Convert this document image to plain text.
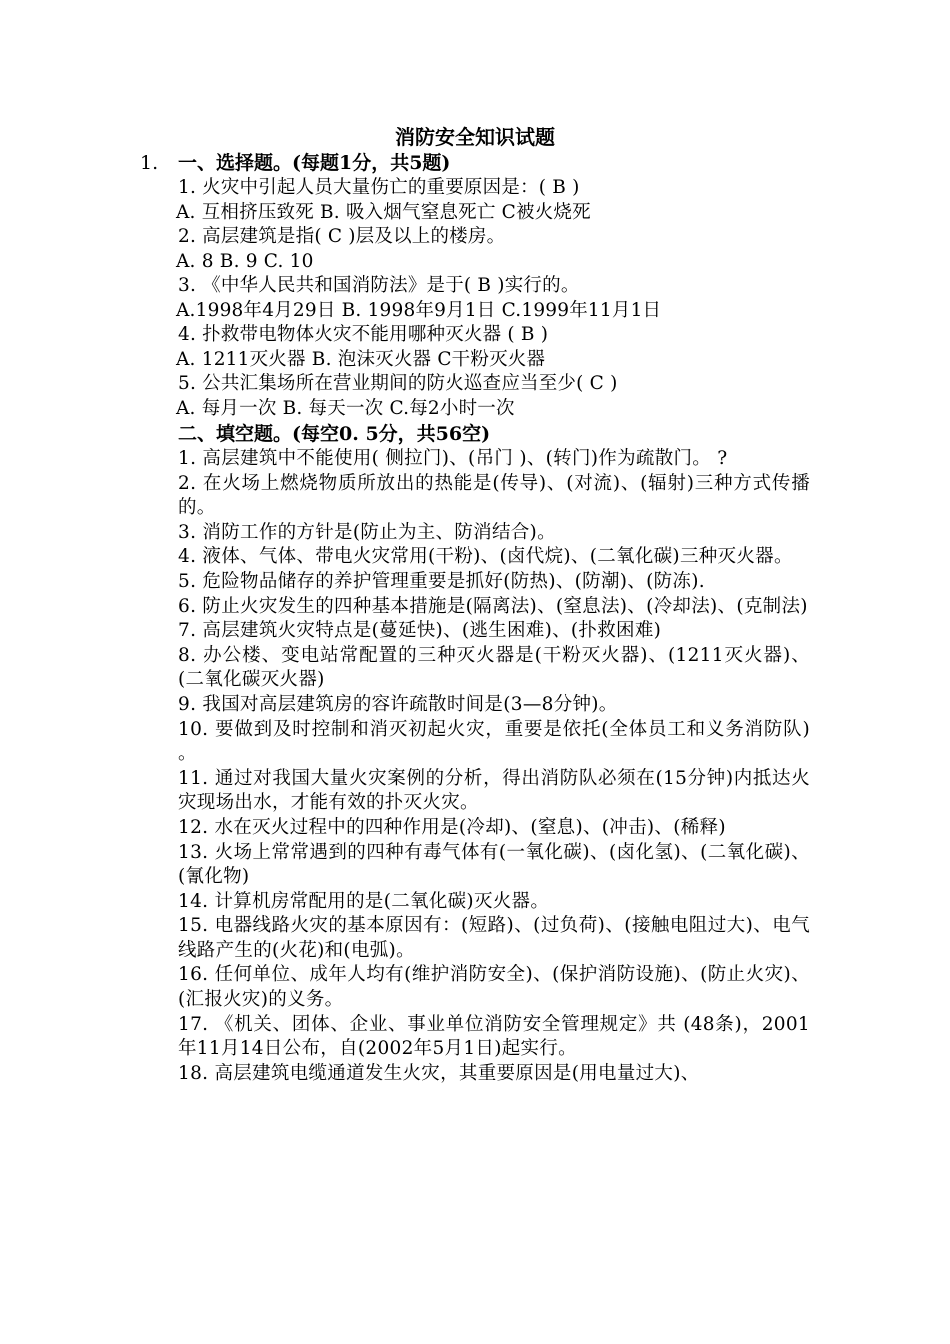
消防安全知识试题
1. 一、选择题。(每题1分，共5题)
1. 火灾中引起人员大量伤亡的重要原因是：( B )
A. 互相挤压致死 B. 吸入烟气窒息死亡 C被火烧死
2. 高层建筑是指( C )层及以上的楼房。
A. 8 B. 9 C. 10
3. 《中华人民共和国消防法》是于( B )实行的。
A.1998年4月29日 B. 1998年9月1日 C.1999年11月1日
4. 扑救带电物体火灾不能用哪种灭火器 ( B )
A. 1211灭火器 B. 泡沫灭火器 C干粉灭火器
5. 公共汇集场所在营业期间的防火巡查应当至少( C )
A. 每月一次 B. 每天一次 C.每2小时一次
二、填空题。(每空0. 5分，共56空)
1. 高层建筑中不能使用( 侧拉门)、(吊门 )、(转门)作为疏散门。 ?
2. 在火场上燃烧物质所放出的热能是(传导)、(对流)、(辐射)三种方式传播的。
3. 消防工作的方针是(防止为主、防消结合)。
4. 液体、气体、带电火灾常用(干粉)、(卤代烷)、(二氧化碳)三种灭火器。
5. 危险物品储存的养护管理重要是抓好(防热)、(防潮)、(防冻).
6. 防止火灾发生的四种基本措施是(隔离法)、(窒息法)、(冷却法)、(克制法)
7. 高层建筑火灾特点是(蔓延快)、(逃生困难)、(扑救困难)
8. 办公楼、变电站常配置的三种灭火器是(干粉灭火器)、(1211灭火器)、(二氧化碳灭火器)
9. 我国对高层建筑房的容许疏散时间是(3—8分钟)。
10. 要做到及时控制和消灭初起火灾，重要是依托(全体员工和义务消防队) 。
11. 通过对我国大量火灾案例的分析，得出消防队必须在(15分钟)内抵达火灾现场出水，才能有效的扑灭火灾。
12. 水在灭火过程中的四种作用是(冷却)、(窒息)、(冲击)、(稀释)
13. 火场上常常遇到的四种有毒气体有(一氧化碳)、(卤化氢)、(二氧化碳)、(氰化物)
14. 计算机房常配用的是(二氧化碳)灭火器。
15. 电器线路火灾的基本原因有：(短路)、(过负荷)、(接触电阻过大)、电气线路产生的(火花)和(电弧)。
16. 任何单位、成年人均有(维护消防安全)、(保护消防设施)、(防止火灾)、(汇报火灾)的义务。
17. 《机关、团体、企业、事业单位消防安全管理规定》共 (48条)，2001年11月14日公布，自(2002年5月1日)起实行。
18. 高层建筑电缆通道发生火灾，其重要原因是(用电量过大)、
